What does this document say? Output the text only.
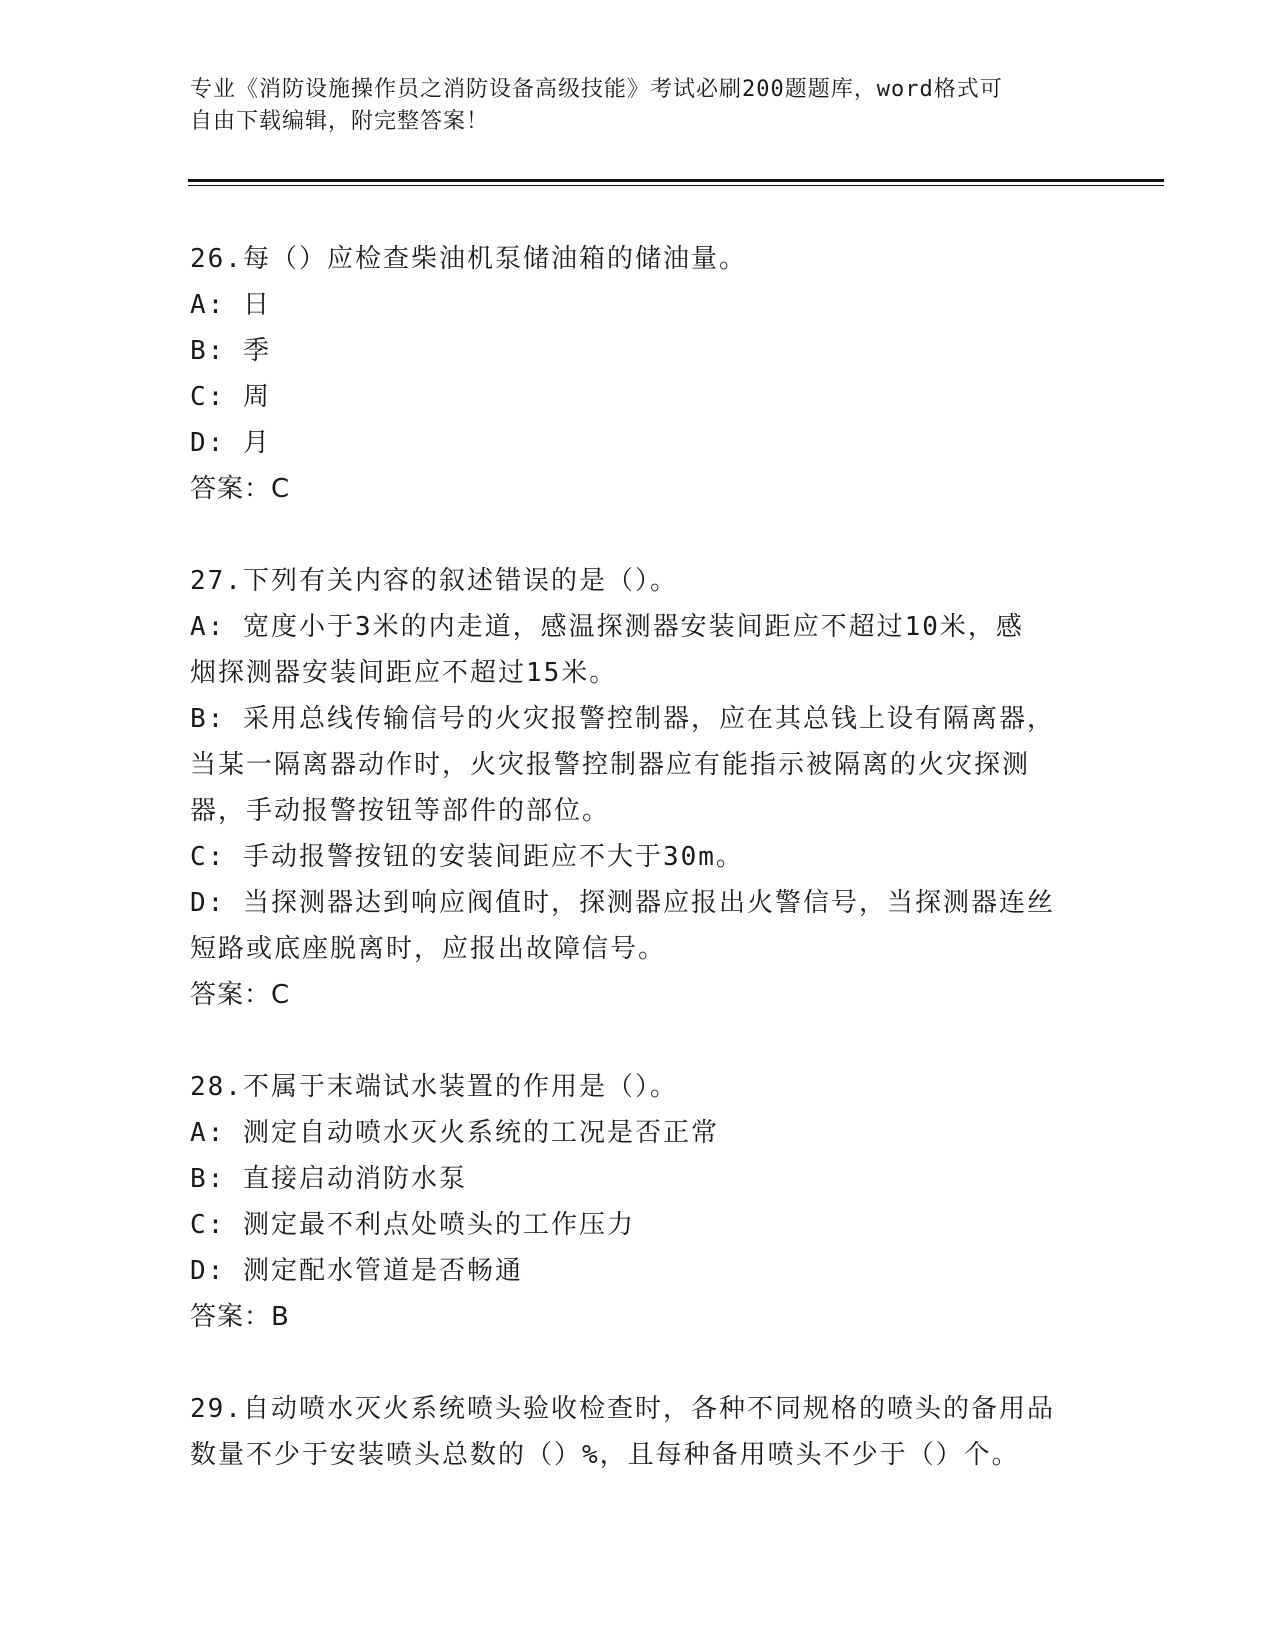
专业《消防设施操作员之消防设备高级技能》考试必刷200题题库，word格式可
自由下载编辑，附完整答案！

26.每（）应检查柴油机泵储油箱的储油量。

A: 日

B: 季

C: 周

D: 月

答案：C

27.下列有关内容的叙述错误的是（）。

A: 宽度小于3米的内走道，感温探测器安装间距应不超过10米，感

烟探测器安装间距应不超过15米。

B: 采用总线传输信号的火灾报警控制器，应在其总钱上设有隔离器，

当某一隔离器动作时，火灾报警控制器应有能指示被隔离的火灾探测

器，手动报警按钮等部件的部位。

C: 手动报警按钮的安装间距应不大于30m。

D: 当探测器达到响应阀值时，探测器应报出火警信号，当探测器连丝

短路或底座脱离时，应报出故障信号。

答案：C

28.不属于末端试水装置的作用是（）。

A: 测定自动喷水灭火系统的工况是否正常

B: 直接启动消防水泵

C: 测定最不利点处喷头的工作压力

D: 测定配水管道是否畅通

答案：B

29.自动喷水灭火系统喷头验收检查时，各种不同规格的喷头的备用品

数量不少于安装喷头总数的（）%，且每种备用喷头不少于（）个。
